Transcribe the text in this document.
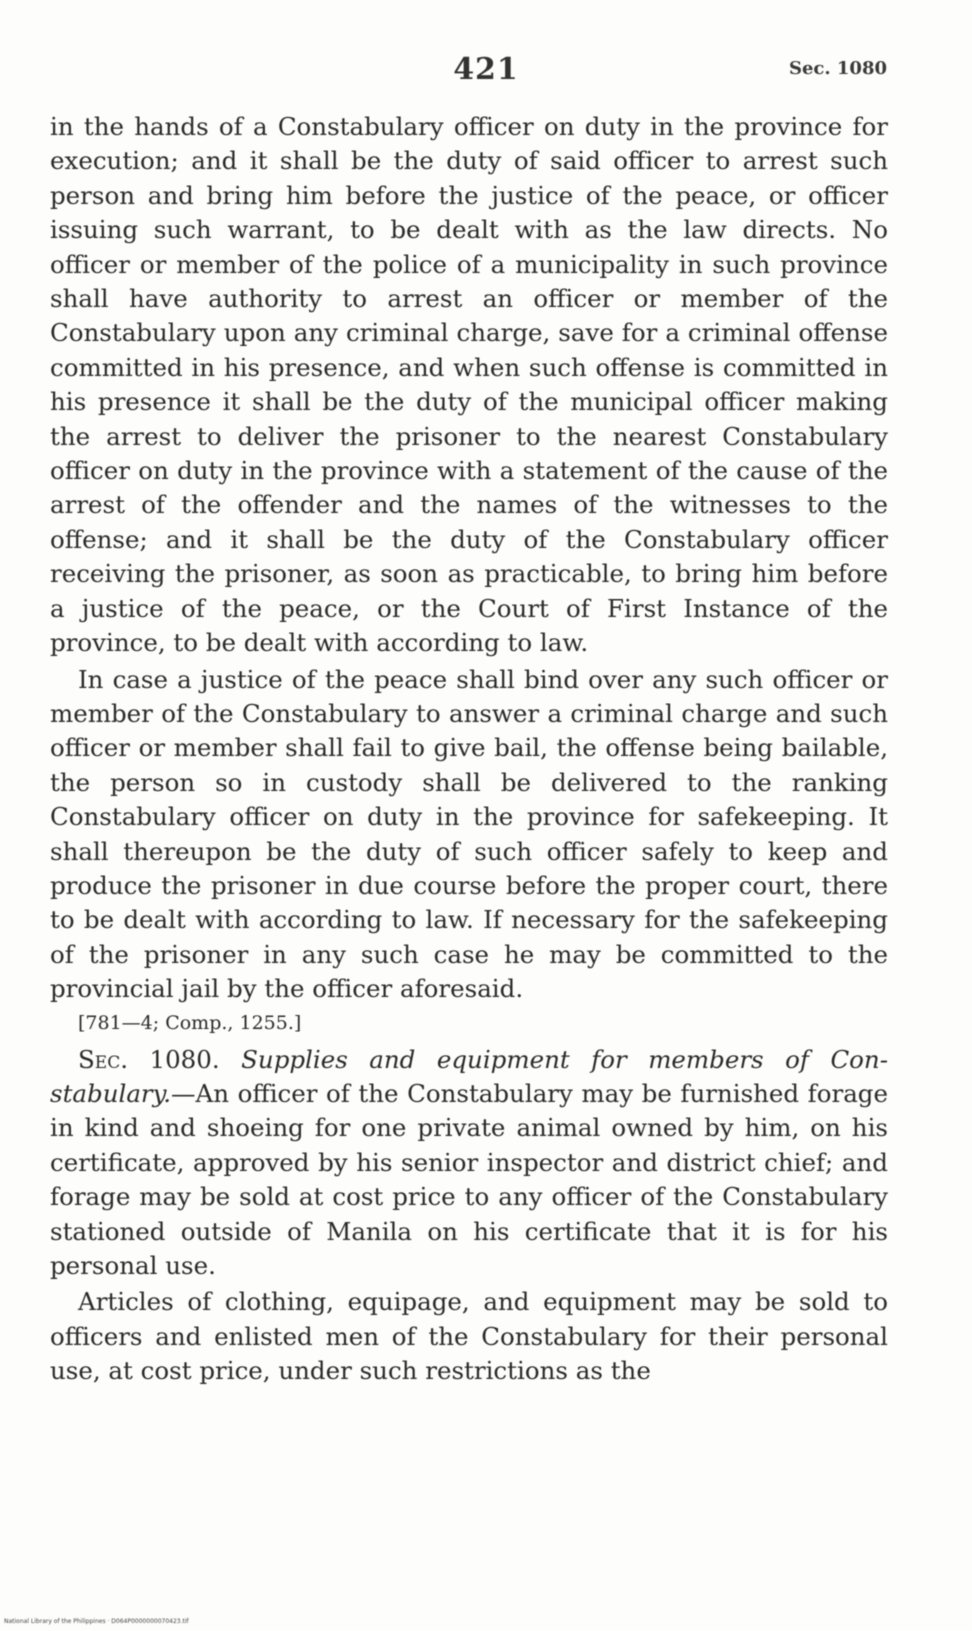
421	Sec. 1080

in the hands of a Constabulary officer on duty in the province for execution; and it shall be the duty of said officer to arrest such person and bring him before the justice of the peace, or officer issuing such warrant, to be dealt with as the law directs. No officer or member of the police of a municipality in such province shall have authority to arrest an officer or member of the Constabulary upon any criminal charge, save for a criminal offense committed in his presence, and when such offense is committed in his presence it shall be the duty of the municipal officer making the arrest to deliver the prisoner to the nearest Constabulary officer on duty in the province with a statement of the cause of the arrest of the offender and the names of the witnesses to the offense; and it shall be the duty of the Constabulary officer receiving the prisoner, as soon as practicable, to bring him before a justice of the peace, or the Court of First Instance of the province, to be dealt with according to law.

In case a justice of the peace shall bind over any such officer or member of the Constabulary to answer a criminal charge and such officer or member shall fail to give bail, the offense being bailable, the person so in custody shall be delivered to the ranking Constabulary officer on duty in the province for safekeeping. It shall thereupon be the duty of such officer safely to keep and produce the prisoner in due course before the proper court, there to be dealt with according to law. If necessary for the safekeeping of the prisoner in any such case he may be committed to the provincial jail by the officer aforesaid.

[781—4; Comp., 1255.]

Sec. 1080. Supplies and equipment for members of Constabulary.—An officer of the Constabulary may be furnished forage in kind and shoeing for one private animal owned by him, on his certificate, approved by his senior inspector and district chief; and forage may be sold at cost price to any officer of the Constabulary stationed outside of Manila on his certificate that it is for his personal use.

Articles of clothing, equipage, and equipment may be sold to officers and enlisted men of the Constabulary for their personal use, at cost price, under such restrictions as the

National Library of the Philippines · D064P0000000070423.tif
